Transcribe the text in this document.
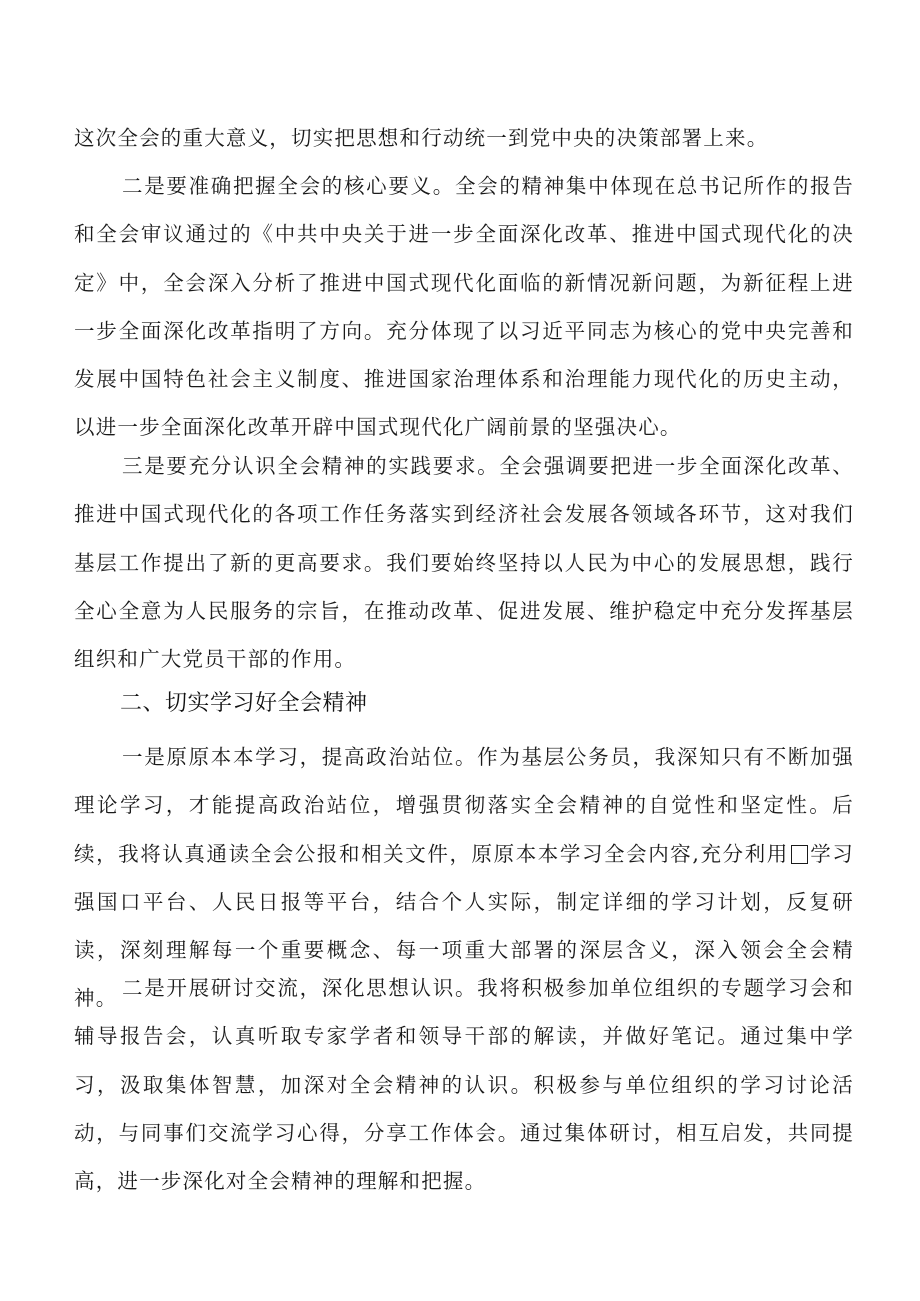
这次全会的重大意义，切实把思想和行动统一到党中央的决策部署上来。

二是要准确把握全会的核心要义。全会的精神集中体现在总书记所作的报告和全会审议通过的《中共中央关于进一步全面深化改革、推进中国式现代化的决定》中，全会深入分析了推进中国式现代化面临的新情况新问题，为新征程上进一步全面深化改革指明了方向。充分体现了以习近平同志为核心的党中央完善和发展中国特色社会主义制度、推进国家治理体系和治理能力现代化的历史主动，以进一步全面深化改革开辟中国式现代化广阔前景的坚强决心。

三是要充分认识全会精神的实践要求。全会强调要把进一步全面深化改革、推进中国式现代化的各项工作任务落实到经济社会发展各领域各环节，这对我们基层工作提出了新的更高要求。我们要始终坚持以人民为中心的发展思想，践行全心全意为人民服务的宗旨，在推动改革、促进发展、维护稳定中充分发挥基层组织和广大党员干部的作用。

二、切实学习好全会精神

一是原原本本学习，提高政治站位。作为基层公务员，我深知只有不断加强理论学习，才能提高政治站位，增强贯彻落实全会精神的自觉性和坚定性。后续，我将认真通读全会公报和相关文件，原原本本学习全会内容,充分利用 学习强国口平台、人民日报等平台，结合个人实际，制定详细的学习计划，反复研读，深刻理解每一个重要概念、每一项重大部署的深层含义，深入领会全会精神。 二是开展研讨交流，深化思想认识。我将积极参加单位组织的专题学习会和辅导报告会，认真听取专家学者和领导干部的解读，并做好笔记。通过集中学习，汲取集体智慧，加深对全会精神的认识。积极参与单位组织的学习讨论活动，与同事们交流学习心得，分享工作体会。通过集体研讨，相互启发，共同提高，进一步深化对全会精神的理解和把握。
